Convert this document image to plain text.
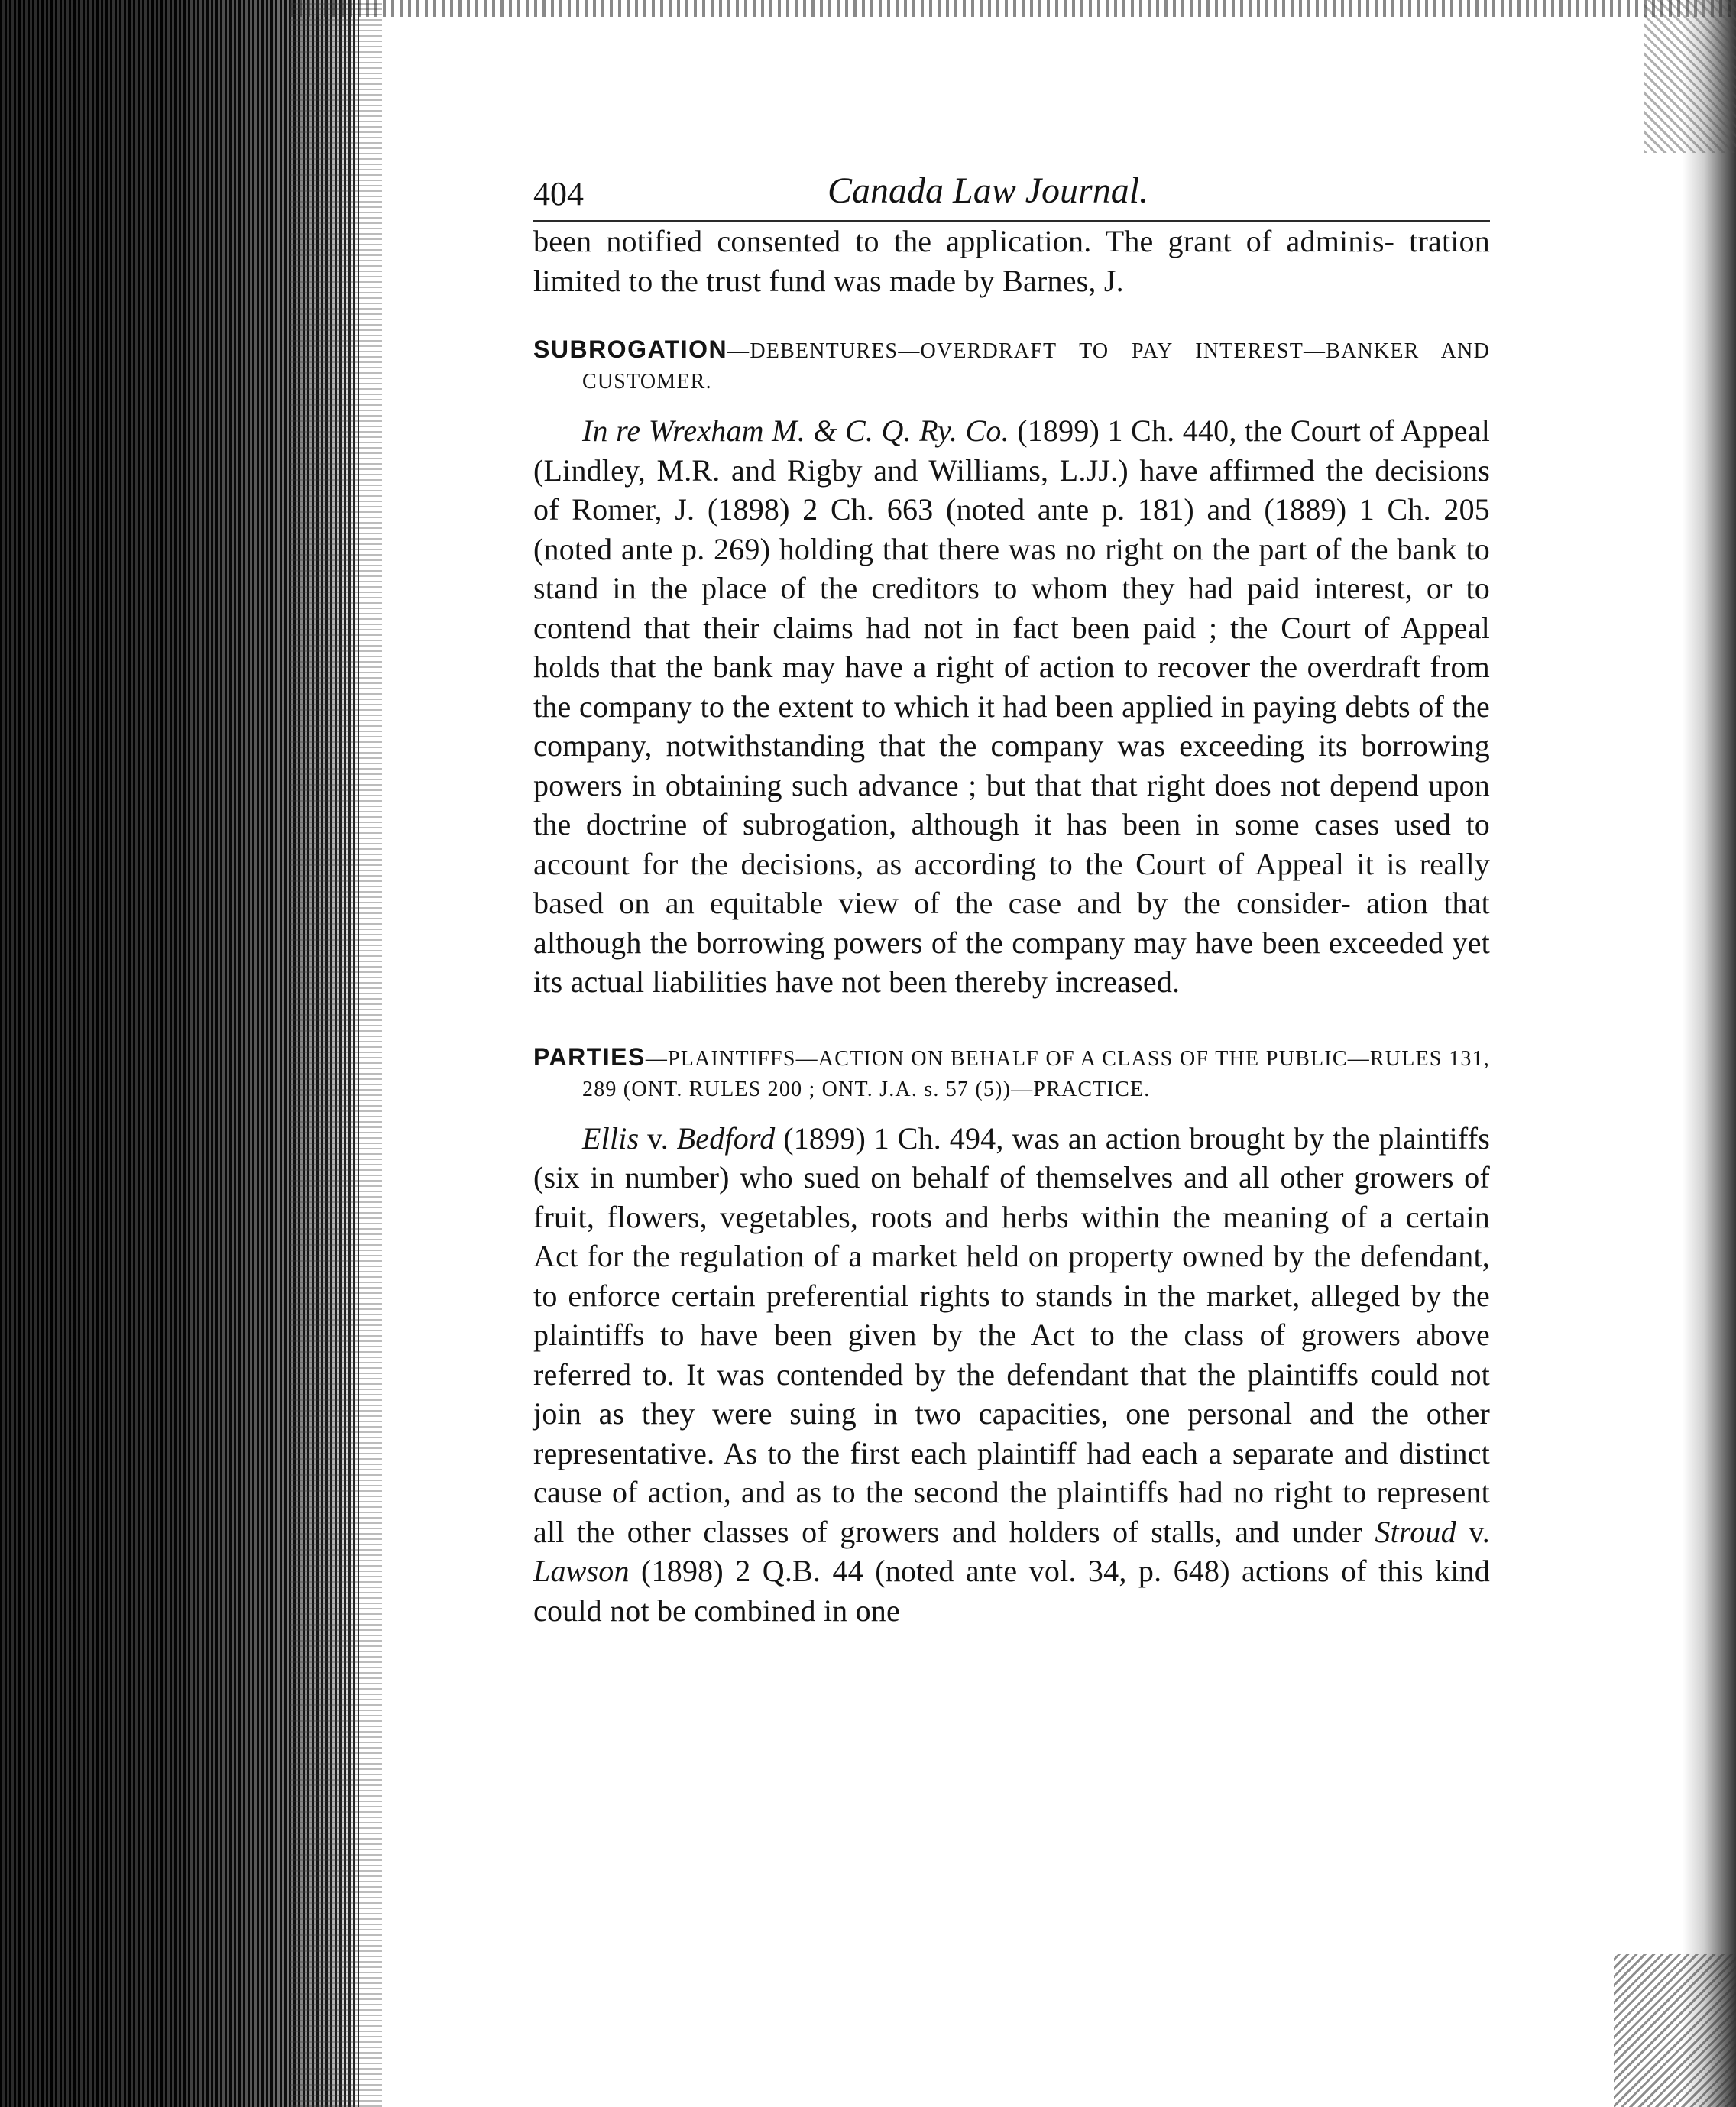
404	Canada Law Journal.

been notified consented to the application. The grant of adminis- tration limited to the trust fund was made by Barnes, J.

SUBROGATION—DEBENTURES—OVERDRAFT TO PAY INTEREST—BANKER AND CUSTOMER.

In re Wrexham M. & C. Q. Ry. Co. (1899) 1 Ch. 440, the Court of Appeal (Lindley, M.R. and Rigby and Williams, L.JJ.) have affirmed the decisions of Romer, J. (1898) 2 Ch. 663 (noted ante p. 181) and (1889) 1 Ch. 205 (noted ante p. 269) holding that there was no right on the part of the bank to stand in the place of the creditors to whom they had paid interest, or to contend that their claims had not in fact been paid ; the Court of Appeal holds that the bank may have a right of action to recover the overdraft from the company to the extent to which it had been applied in paying debts of the company, notwithstanding that the company was exceeding its borrowing powers in obtaining such advance ; but that that right does not depend upon the doctrine of subrogation, although it has been in some cases used to account for the decisions, as according to the Court of Appeal it is really based on an equitable view of the case and by the consider- ation that although the borrowing powers of the company may have been exceeded yet its actual liabilities have not been thereby increased.

PARTIES—PLAINTIFFS—ACTION ON BEHALF OF A CLASS OF THE PUBLIC—RULES 131, 289 (ONT. RULES 200 ; ONT. J.A. s. 57 (5))—PRACTICE.

Ellis v. Bedford (1899) 1 Ch. 494, was an action brought by the plaintiffs (six in number) who sued on behalf of themselves and all other growers of fruit, flowers, vegetables, roots and herbs within the meaning of a certain Act for the regulation of a market held on property owned by the defendant, to enforce certain preferential rights to stands in the market, alleged by the plaintiffs to have been given by the Act to the class of growers above referred to. It was contended by the defendant that the plaintiffs could not join as they were suing in two capacities, one personal and the other representative. As to the first each plaintiff had each a separate and distinct cause of action, and as to the second the plaintiffs had no right to represent all the other classes of growers and holders of stalls, and under Stroud v. Lawson (1898) 2 Q.B. 44 (noted ante vol. 34, p. 648) actions of this kind could not be combined in one
